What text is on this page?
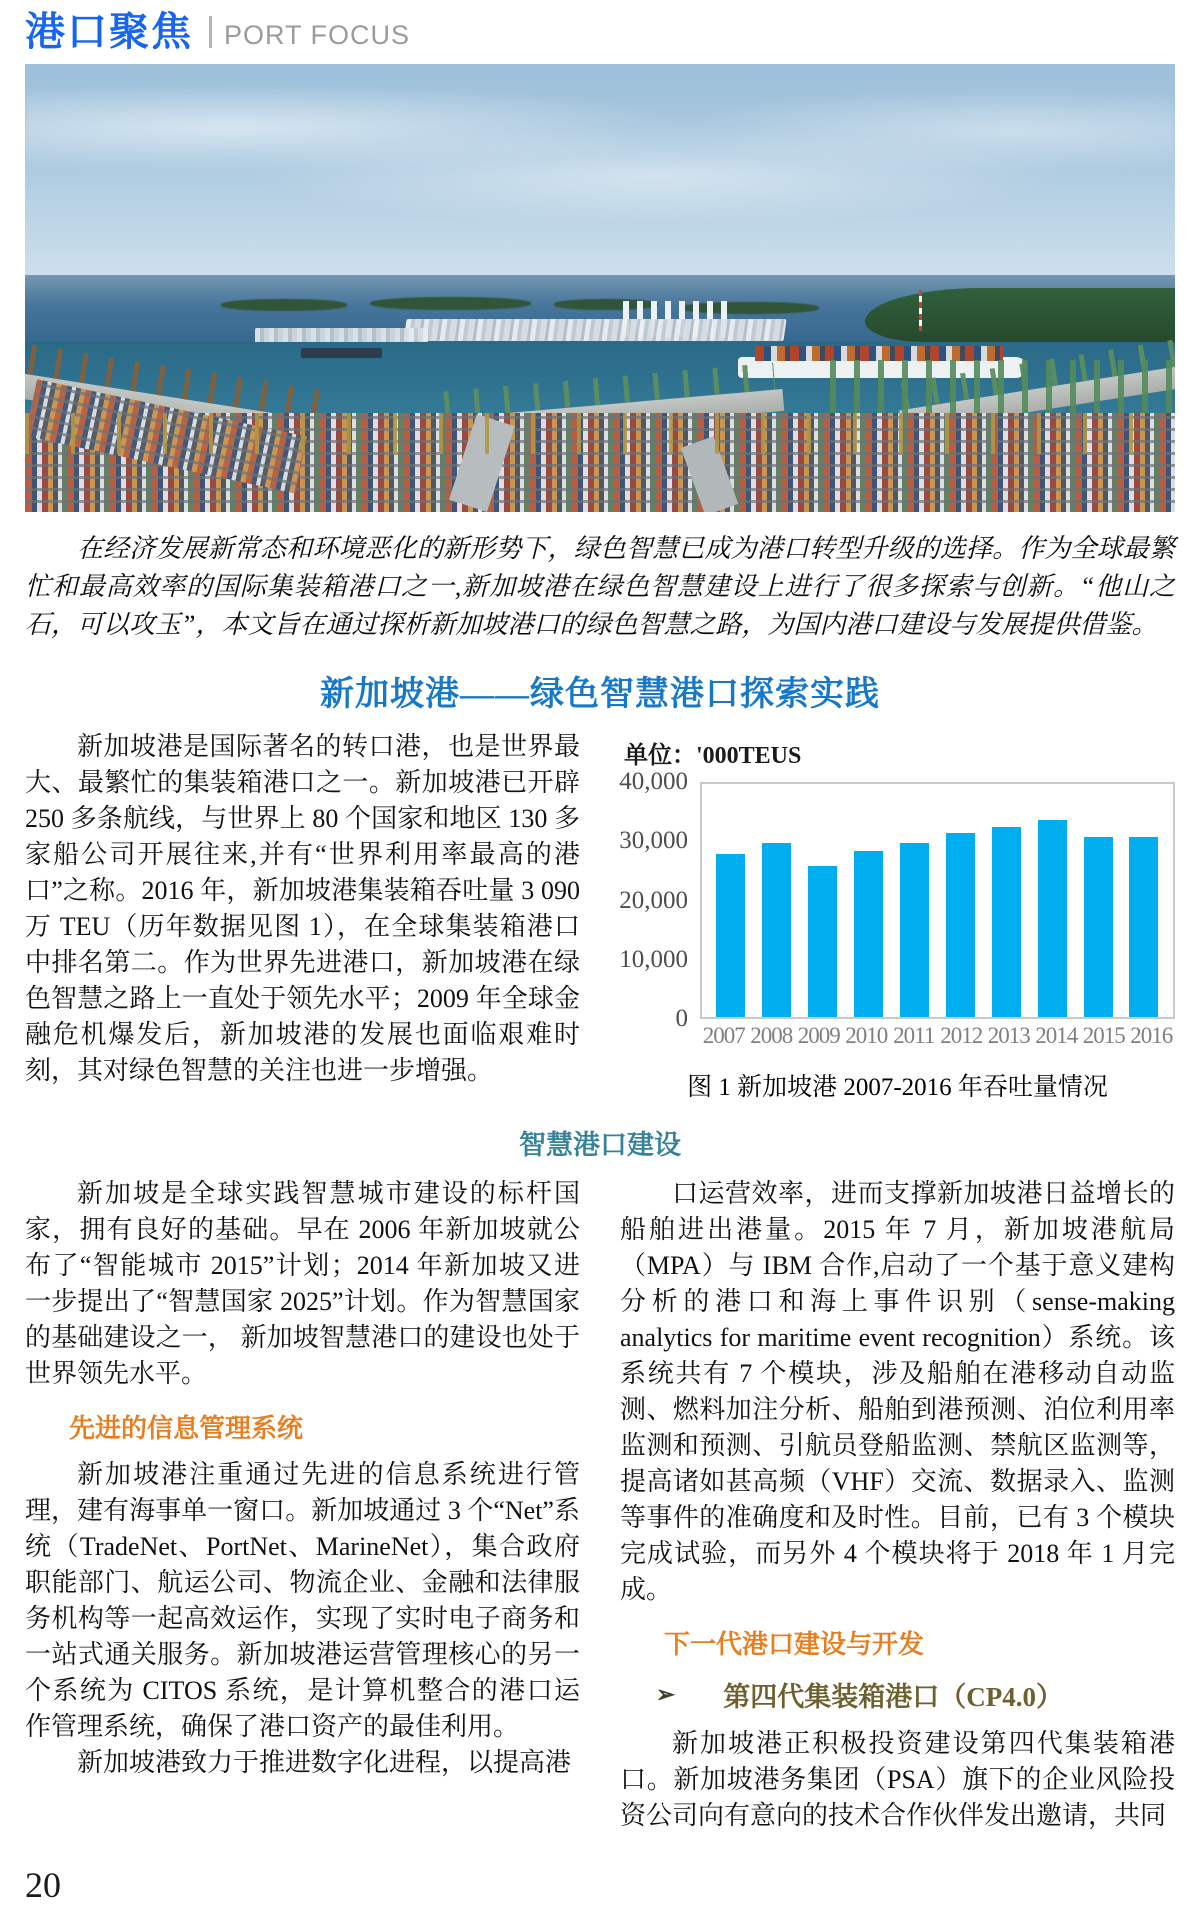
港口聚焦 PORT FOCUS

在经济发展新常态和环境恶化的新形势下，绿色智慧已成为港口转型升级的选择。作为全球最繁忙和最高效率的国际集装箱港口之一,新加坡港在绿色智慧建设上进行了很多探索与创新。“他山之石，可以攻玉”，本文旨在通过探析新加坡港口的绿色智慧之路，为国内港口建设与发展提供借鉴。

新加坡港——绿色智慧港口探索实践

新加坡港是国际著名的转口港，也是世界最大、最繁忙的集装箱港口之一。新加坡港已开辟 250 多条航线，与世界上 80 个国家和地区 130 多家船公司开展往来,并有“世界利用率最高的港口”之称。2016 年，新加坡港集装箱吞吐量 3 090 万 TEU（历年数据见图 1），在全球集装箱港口中排名第二。作为世界先进港口，新加坡港在绿色智慧之路上一直处于领先水平；2009 年全球金融危机爆发后，新加坡港的发展也面临艰难时刻，其对绿色智慧的关注也进一步增强。

单位：'000TEUS
40,000
30,000
20,000
10,000
0
2007 2008 2009 2010 2011 2012 2013 2014 2015 2016
图 1 新加坡港 2007-2016 年吞吐量情况
智慧港口建设

新加坡是全球实践智慧城市建设的标杆国家，拥有良好的基础。早在 2006 年新加坡就公布了“智能城市 2015”计划；2014 年新加坡又进一步提出了“智慧国家 2025”计划。作为智慧国家的基础建设之一， 新加坡智慧港口的建设也处于世界领先水平。

先进的信息管理系统

新加坡港注重通过先进的信息系统进行管理，建有海事单一窗口。新加坡通过 3 个“Net”系统（TradeNet、PortNet、MarineNet），集合政府职能部门、航运公司、物流企业、金融和法律服务机构等一起高效运作，实现了实时电子商务和一站式通关服务。新加坡港运营管理核心的另一个系统为 CITOS 系统，是计算机整合的港口运作管理系统，确保了港口资产的最佳利用。

新加坡港致力于推进数字化进程，以提高港

口运营效率，进而支撑新加坡港日益增长的船舶进出港量。2015 年 7 月，新加坡港航局（MPA）与 IBM 合作,启动了一个基于意义建构分析的港口和海上事件识别（sense-making analytics for maritime event recognition）系统。该系统共有 7 个模块，涉及船舶在港移动自动监测、燃料加注分析、船舶到港预测、泊位利用率监测和预测、引航员登船监测、禁航区监测等，提高诸如甚高频（VHF）交流、数据录入、监测等事件的准确度和及时性。目前，已有 3 个模块完成试验，而另外 4 个模块将于 2018 年 1 月完成。

下一代港口建设与开发
➢ 第四代集装箱港口（CP4.0）

新加坡港正积极投资建设第四代集装箱港口。新加坡港务集团（PSA）旗下的企业风险投资公司向有意向的技术合作伙伴发出邀请，共同

20
